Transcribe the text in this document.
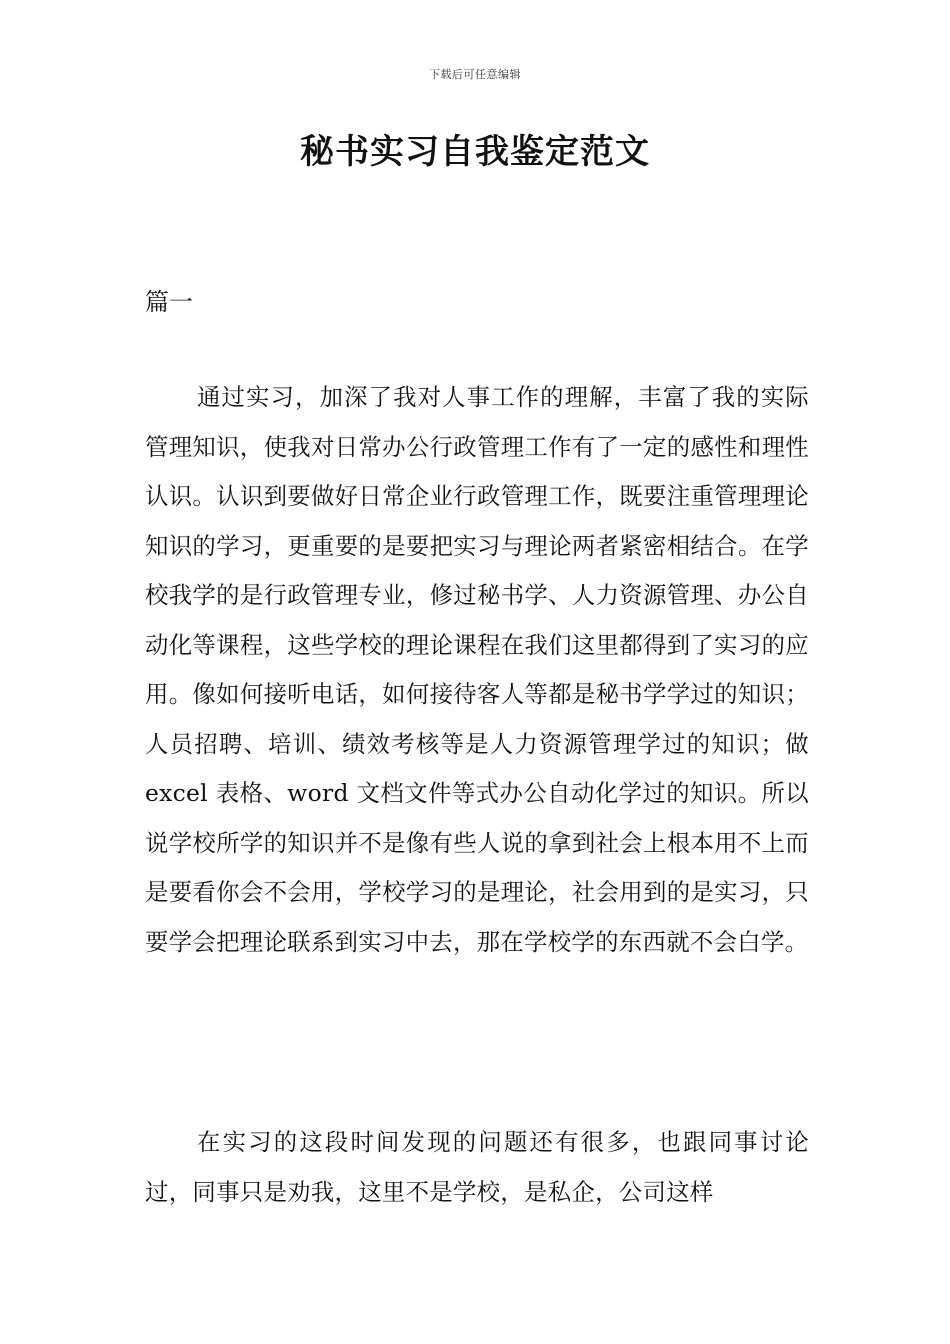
下载后可任意编辑
秘书实习自我鉴定范文
篇一

通过实习，加深了我对人事工作的理解，丰富了我的实际管理知识，使我对日常办公行政管理工作有了一定的感性和理性认识。认识到要做好日常企业行政管理工作，既要注重管理理论知识的学习，更重要的是要把实习与理论两者紧密相结合。在学校我学的是行政管理专业，修过秘书学、人力资源管理、办公自动化等课程，这些学校的理论课程在我们这里都得到了实习的应用。像如何接听电话，如何接待客人等都是秘书学学过的知识；人员招聘、培训、绩效考核等是人力资源管理学过的知识；做 excel 表格、word 文档文件等式办公自动化学过的知识。所以说学校所学的知识并不是像有些人说的拿到社会上根本用不上而是要看你会不会用，学校学习的是理论，社会用到的是实习，只要学会把理论联系到实习中去，那在学校学的东西就不会白学。

在实习的这段时间发现的问题还有很多，也跟同事讨论过，同事只是劝我，这里不是学校，是私企，公司这样
